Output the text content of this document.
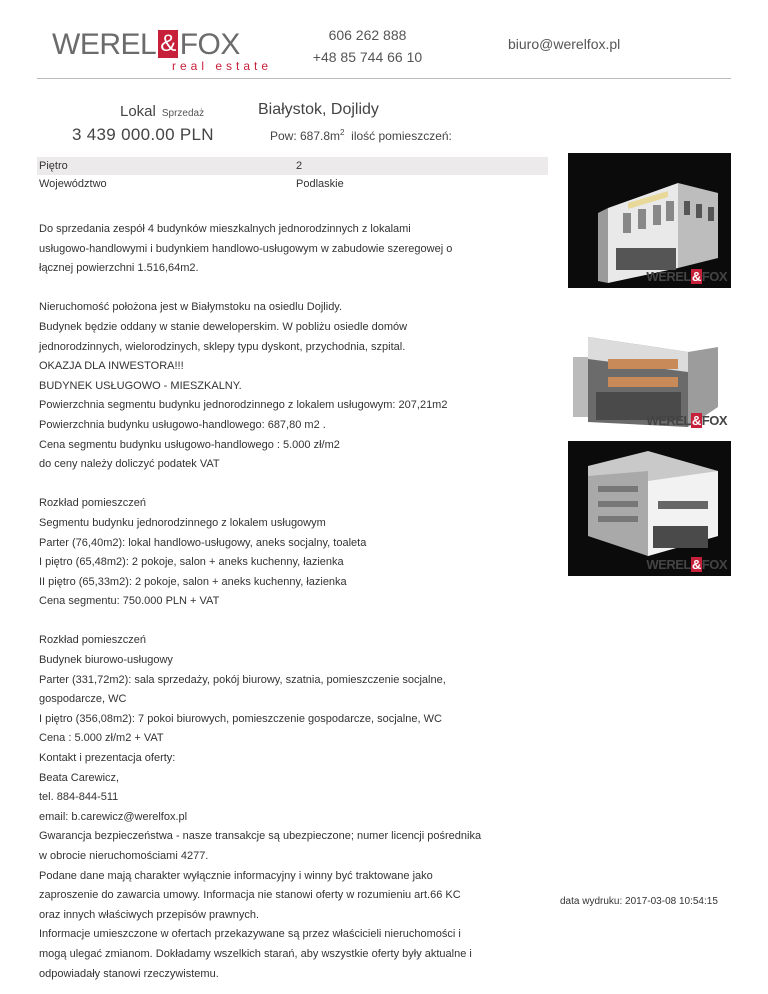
WEREL & FOX
real estate
606 262 888
+48 85 744 66 10
biuro@werelfox.pl
Lokal Sprzedaż	Białystok, Dojlidy
3 439 000.00 PLN	Pow: $687.8m^2$ ilość pomieszczeń:
Piętro	2
Województwo	Podlaskie

Do sprzedania zespół 4 budynków mieszkalnych jednorodzinnych z lokalami

usługowo-handlowymi i budynkiem handlowo-usługowym w zabudowie szeregowej o

łącznej powierzchni 1.516,64m2.

Nieruchomość położona jest w Białymstoku na osiedlu Dojlidy.

Budynek będzie oddany w stanie deweloperskim. W pobliżu osiedle domów

jednorodzinnych, wielorodzinych, sklepy typu dyskont, przychodnia, szpital.

OKAZJA DLA INWESTORA!!!

BUDYNEK USŁUGOWO - MIESZKALNY.

Powierzchnia segmentu budynku jednorodzinnego z lokalem usługowym: 207,21m2

Powierzchnia budynku usługowo-handlowego: 687,80 m2 .

Cena segmentu budynku usługowo-handlowego : 5.000 zł/m2

do ceny należy doliczyć podatek VAT

Rozkład pomieszczeń

Segmentu budynku jednorodzinnego z lokalem usługowym

Parter (76,40m2): lokal handlowo-usługowy, aneks socjalny, toaleta

I piętro (65,48m2): 2 pokoje, salon + aneks kuchenny, łazienka

II piętro (65,33m2): 2 pokoje, salon + aneks kuchenny, łazienka

Cena segmentu: 750.000 PLN + VAT

Rozkład pomieszczeń

Budynek biurowo-usługowy

Parter (331,72m2): sala sprzedaży, pokój biurowy, szatnia, pomieszczenie socjalne,

gospodarcze, WC

I piętro (356,08m2): 7 pokoi biurowych, pomieszczenie gospodarcze, socjalne, WC

Cena : 5.000 zł/m2 + VAT

Kontakt i prezentacja oferty:

Beata Carewicz,

tel. 884-844-511

email: b.carewicz@werelfox.pl

Gwarancja bezpieczeństwa - nasze transakcje są ubezpieczone; numer licencji pośrednika

w obrocie nieruchomościami 4277.

Podane dane mają charakter wyłącznie informacyjny i winny być traktowane jako

zaproszenie do zawarcia umowy. Informacja nie stanowi oferty w rozumieniu art.66 KC

oraz innych właściwych przepisów prawnych.

Informacje umieszczone w ofertach przekazywane są przez właścicieli nieruchomości i

mogą ulegać zmianom. Dokładamy wszelkich starań, aby wszystkie oferty były aktualne i

odpowiadały stanowi rzeczywistemu.

WEREL&FOX
WEREL&FOX
WEREL&FOX
data wydruku: 2017-03-08 10:54:15
